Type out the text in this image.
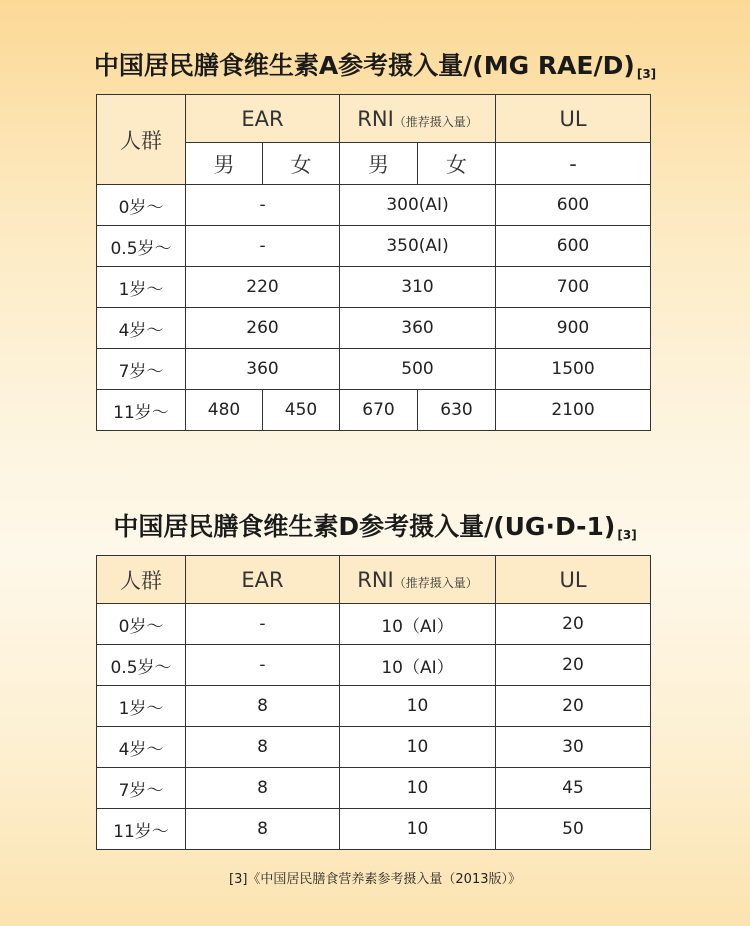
中国居民膳食维生素A参考摄入量/(MG RAE/D) [3]
人群	EAR		RNI（推荐摄入量）		UL
	男	女	男	女	-
0岁～	-		300(AI)		600
0.5岁～	-		350(AI)		600
1岁～	220		310		700
4岁～	260		360		900
7岁～	360		500		1500
11岁～	480	450	670	630	2100
中国居民膳食维生素D参考摄入量/(UG·D-1) [3]
人群	EAR	RNI（推荐摄入量）	UL
0岁～	-	10（AI）	20
0.5岁～	-	10（AI）	20
1岁～	8	10	20
4岁～	8	10	30
7岁～	8	10	45
11岁～	8	10	50
[3]《中国居民膳食营养素参考摄入量（2013版）》
